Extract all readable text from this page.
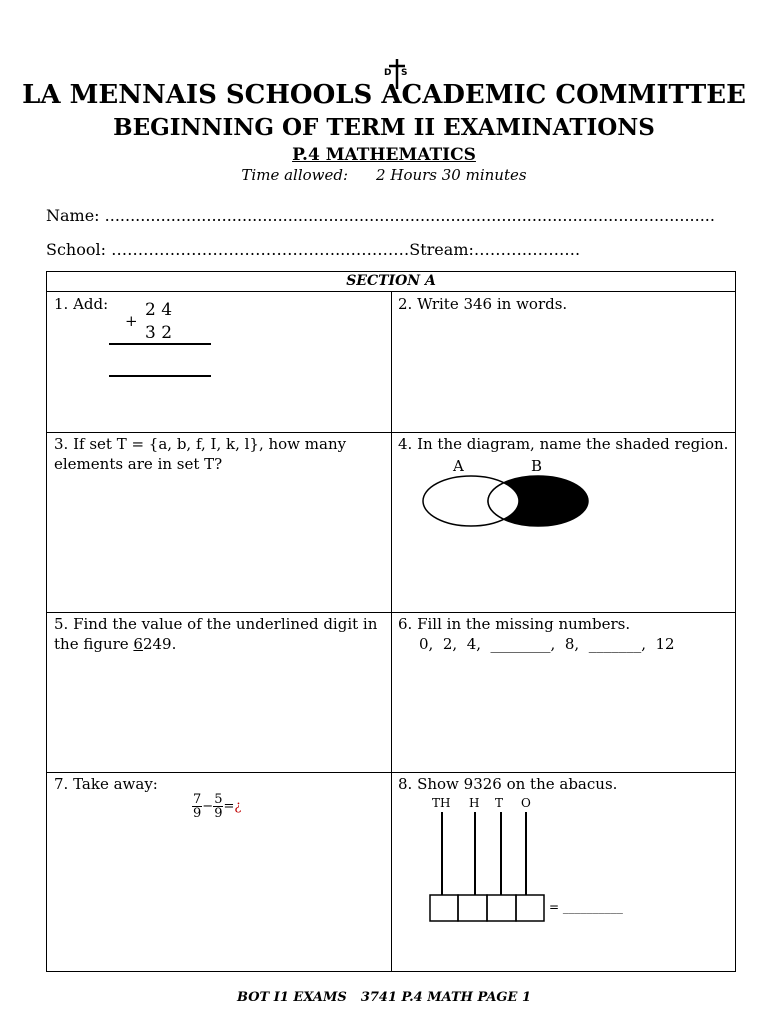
D S
LA MENNAIS SCHOOLS ACADEMIC COMMITTEE
BEGINNING OF TERM II EXAMINATIONS
P.4 MATHEMATICS
Time allowed: 2 Hours 30 minutes
Name: ........................................................................................................................
School: ……………………………………..…………Stream:……….……….
SECTION A
1. Add:	2 4
+
3 2
2. Write 346 in words.
3. If set T = {a, b, f, I, k, l}, how many elements are in set T?
4. In the diagram, name the shaded region.
A	B
5. Find the value of the underlined digit in the figure 6249.
6. Fill in the missing numbers.
0,  2,  4,  ________,  8,  _______,  12
7. Take away:
$\frac{7}{9} - \frac{5}{9}$ =¿
8. Show 9326 on the abacus.
TH H T O
= __________
BOT I1 EXAMS 3741 P.4 MATH PAGE 1
